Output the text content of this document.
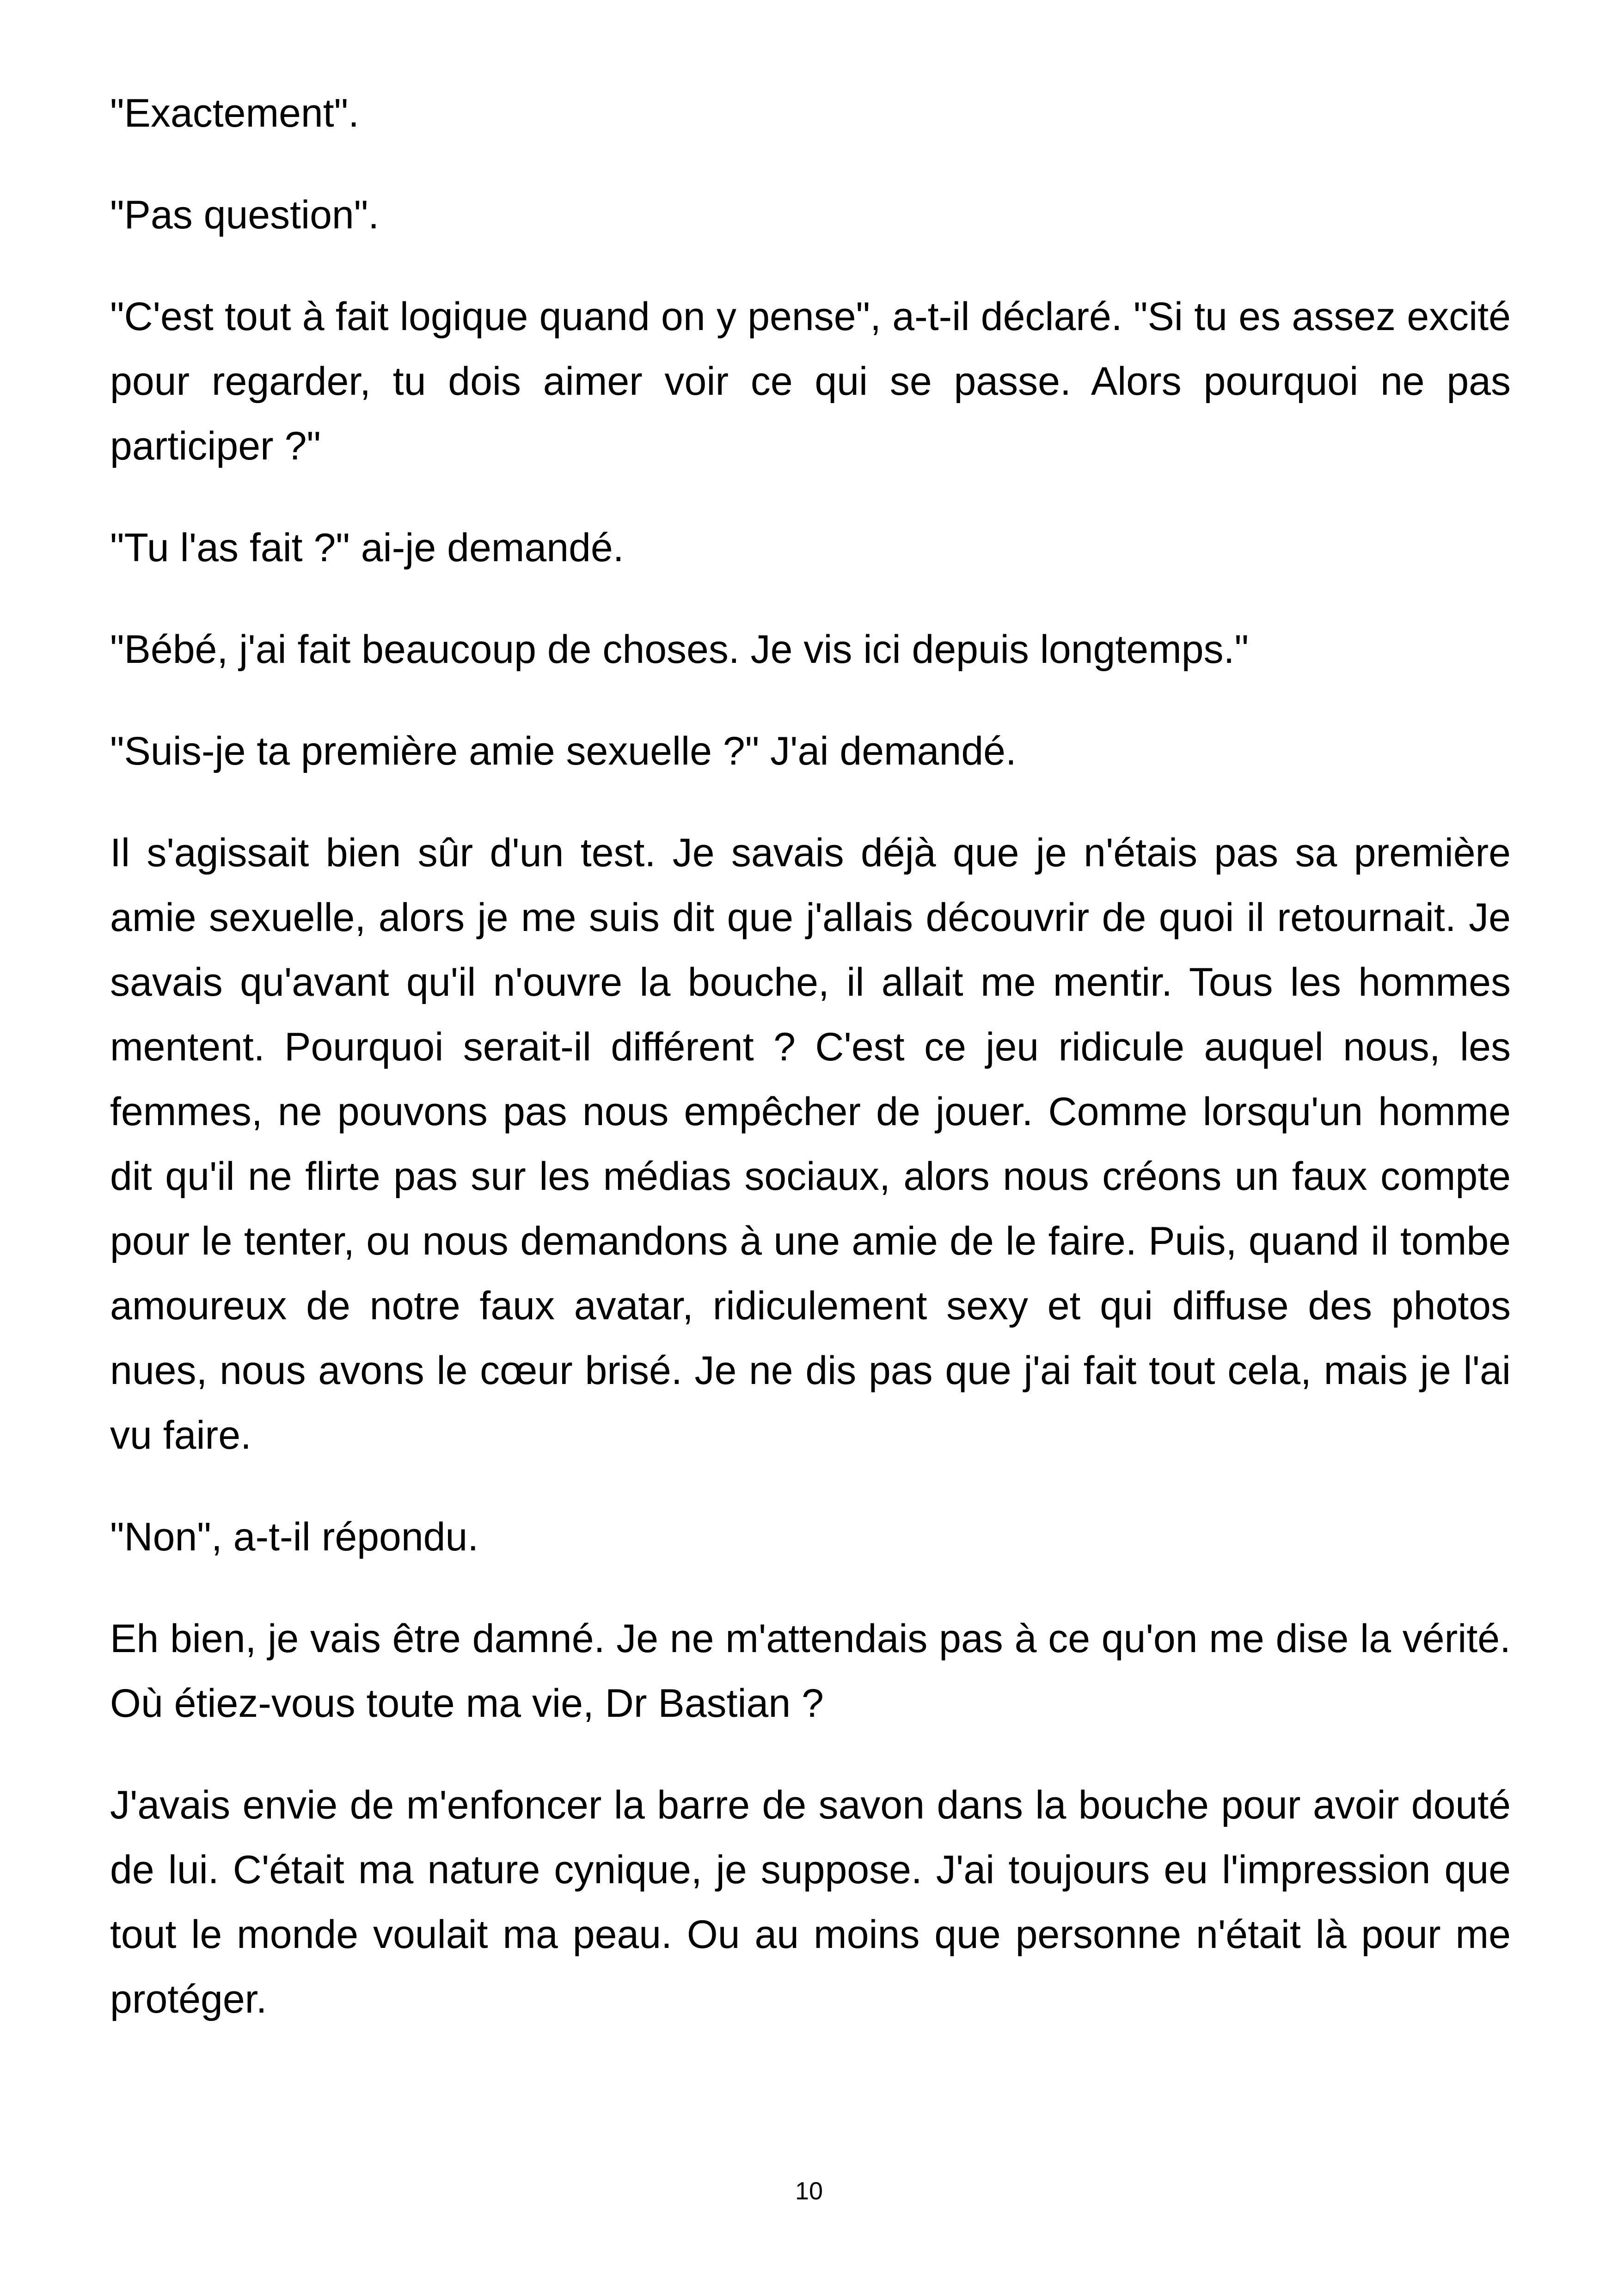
"Exactement".

"Pas question".

"C'est tout à fait logique quand on y pense", a-t-il déclaré. "Si tu es assez excité pour regarder, tu dois aimer voir ce qui se passe. Alors pourquoi ne pas participer ?"

"Tu l'as fait ?" ai-je demandé.

"Bébé, j'ai fait beaucoup de choses. Je vis ici depuis longtemps."

"Suis-je ta première amie sexuelle ?" J'ai demandé.

Il s'agissait bien sûr d'un test. Je savais déjà que je n'étais pas sa première amie sexuelle, alors je me suis dit que j'allais découvrir de quoi il retournait. Je savais qu'avant qu'il n'ouvre la bouche, il allait me mentir. Tous les hommes mentent. Pourquoi serait-il différent ? C'est ce jeu ridicule auquel nous, les femmes, ne pouvons pas nous empêcher de jouer. Comme lorsqu'un homme dit qu'il ne flirte pas sur les médias sociaux, alors nous créons un faux compte pour le tenter, ou nous demandons à une amie de le faire. Puis, quand il tombe amoureux de notre faux avatar, ridiculement sexy et qui diffuse des photos nues, nous avons le cœur brisé. Je ne dis pas que j'ai fait tout cela, mais je l'ai vu faire.

"Non", a-t-il répondu.

Eh bien, je vais être damné. Je ne m'attendais pas à ce qu'on me dise la vérité. Où étiez-vous toute ma vie, Dr Bastian ?

J'avais envie de m'enfoncer la barre de savon dans la bouche pour avoir douté de lui. C'était ma nature cynique, je suppose. J'ai toujours eu l'impression que tout le monde voulait ma peau. Ou au moins que personne n'était là pour me protéger.

10
